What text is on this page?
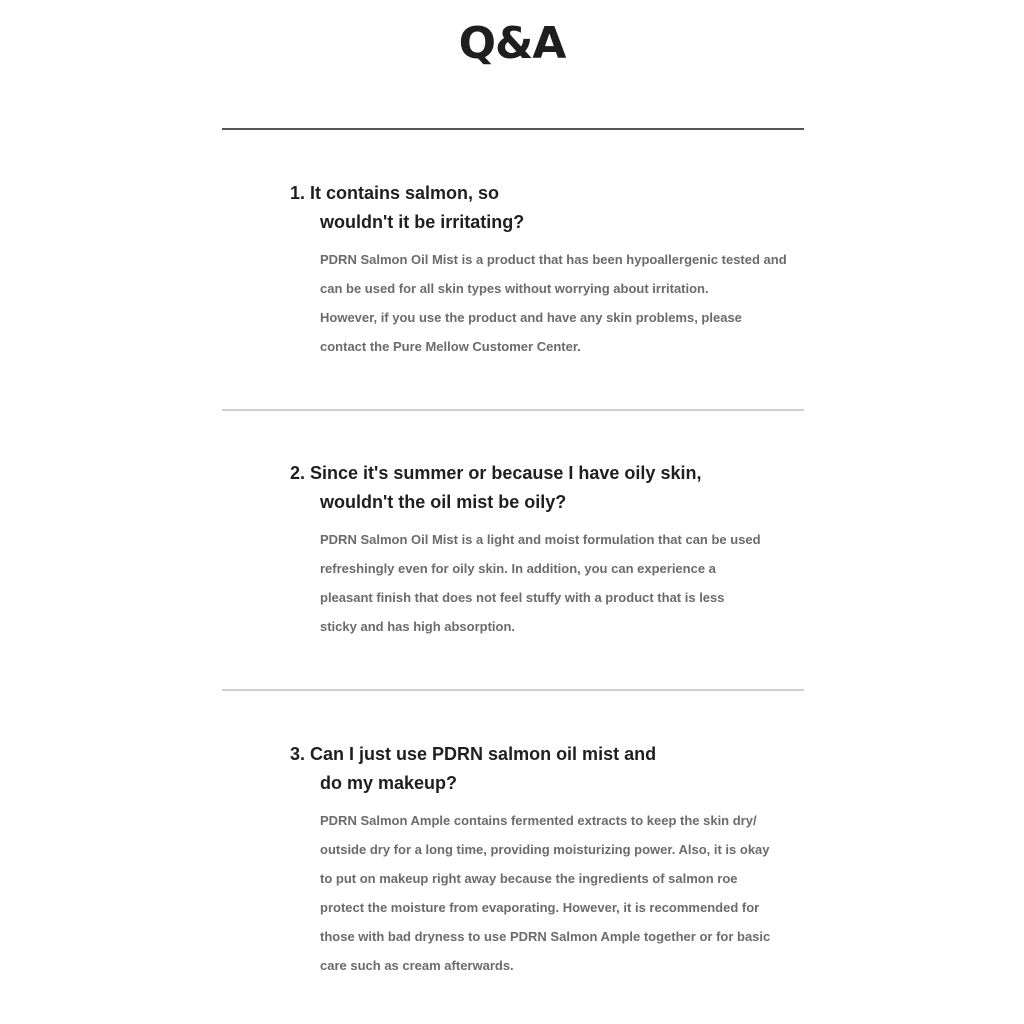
Q&A
1. It contains salmon, so
wouldn't it be irritating?

PDRN Salmon Oil Mist is a product that has been hypoallergenic tested and
can be used for all skin types without worrying about irritation.
However, if you use the product and have any skin problems, please
contact the Pure Mellow Customer Center.

2. Since it's summer or because I have oily skin,
wouldn't the oil mist be oily?

PDRN Salmon Oil Mist is a light and moist formulation that can be used
refreshingly even for oily skin. In addition, you can experience a
pleasant finish that does not feel stuffy with a product that is less
sticky and has high absorption.

3. Can I just use PDRN salmon oil mist and
do my makeup?

PDRN Salmon Ample contains fermented extracts to keep the skin dry/
outside dry for a long time, providing moisturizing power. Also, it is okay
to put on makeup right away because the ingredients of salmon roe
protect the moisture from evaporating. However, it is recommended for
those with bad dryness to use PDRN Salmon Ample together or for basic
care such as cream afterwards.
